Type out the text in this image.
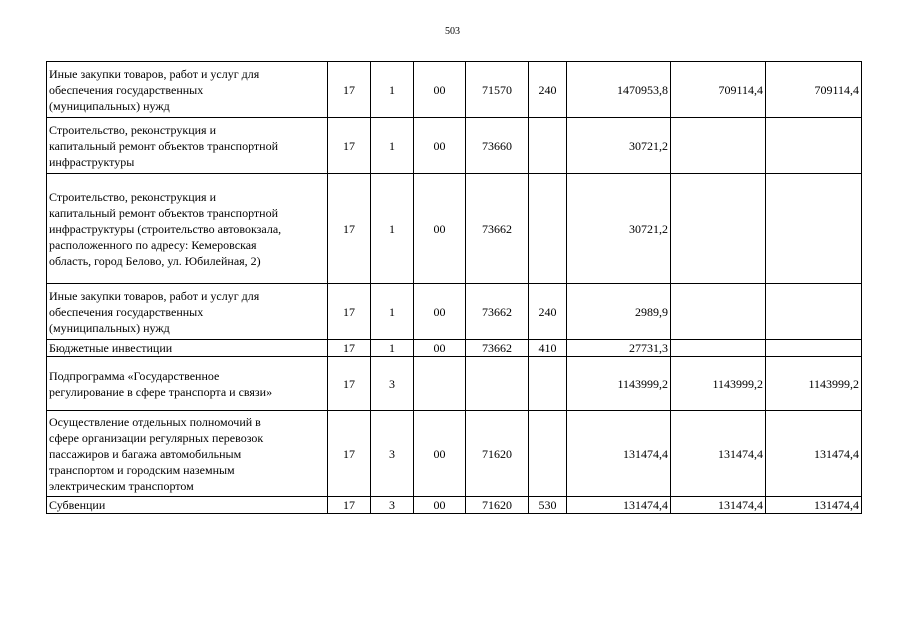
503
Иные закупки товаров, работ и услуг для
обеспечения государственных
(муниципальных) нужд	17	1	00	71570	240	1470953,8	709114,4	709114,4

Строительство, реконструкция и
капитальный ремонт объектов транспортной
инфраструктуры	17	1	00	73660		30721,2		

Строительство, реконструкция и
капитальный ремонт объектов транспортной
инфраструктуры (строительство автовокзала,
расположенного по адресу: Кемеровская
область, город Белово, ул. Юбилейная, 2)	17	1	00	73662		30721,2		

Иные закупки товаров, работ и услуг для
обеспечения государственных
(муниципальных) нужд	17	1	00	73662	240	2989,9		

Бюджетные инвестиции	17	1	00	73662	410	27731,3		

Подпрограмма «Государственное
регулирование в сфере транспорта и связи»	17	3				1143999,2	1143999,2	1143999,2

Осуществление отдельных полномочий в
сфере организации регулярных перевозок
пассажиров и багажа автомобильным
транспортом и городским наземным
электрическим транспортом	17	3	00	71620		131474,4	131474,4	131474,4

Субвенции	17	3	00	71620	530	131474,4	131474,4	131474,4
